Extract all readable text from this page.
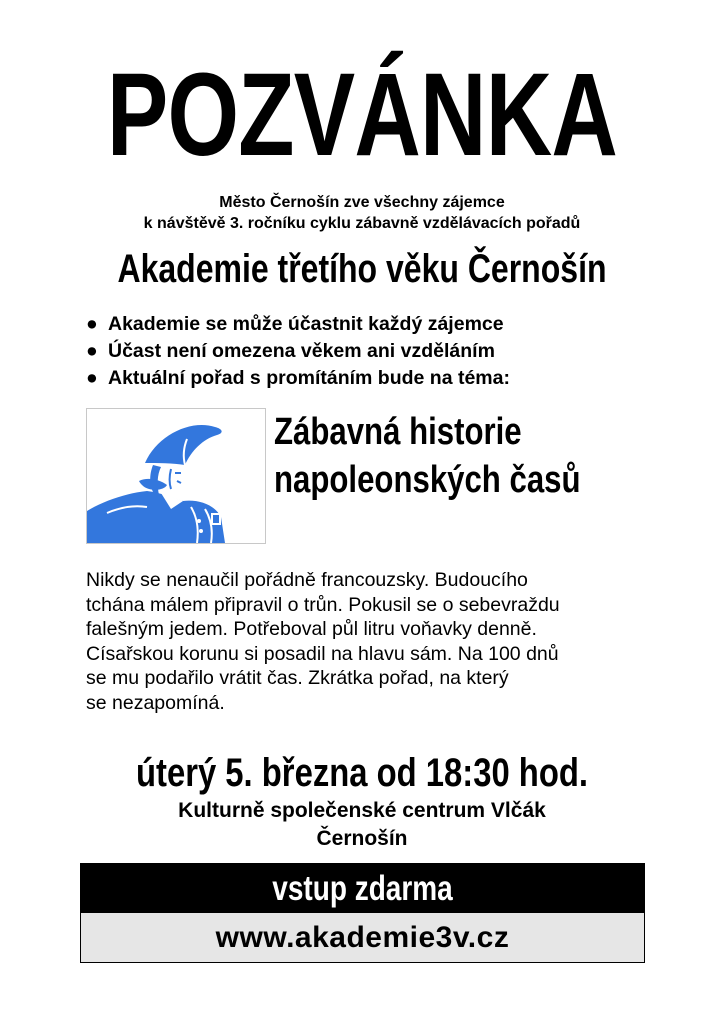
POZVÁNKA
Město Černošín zve všechny zájemce
k návštěvě 3. ročníku cyklu zábavně vzdělávacích pořadů
Akademie třetího věku Černošín
● Akademie se může účastnit každý zájemce
● Účast není omezena věkem ani vzděláním
● Aktuální pořad s promítáním bude na téma:
Zábavná historie
napoleonských časů
Nikdy se nenaučil pořádně francouzsky. Budoucího
tchána málem připravil o trůn. Pokusil se o sebevraždu
falešným jedem. Potřeboval půl litru voňavky denně.
Císařskou korunu si posadil na hlavu sám. Na 100 dnů
se mu podařilo vrátit čas. Zkrátka pořad, na který
se nezapomíná.
úterý 5. března od 18:30 hod.
Kulturně společenské centrum Vlčák
Černošín
vstup zdarma
www.akademie3v.cz
